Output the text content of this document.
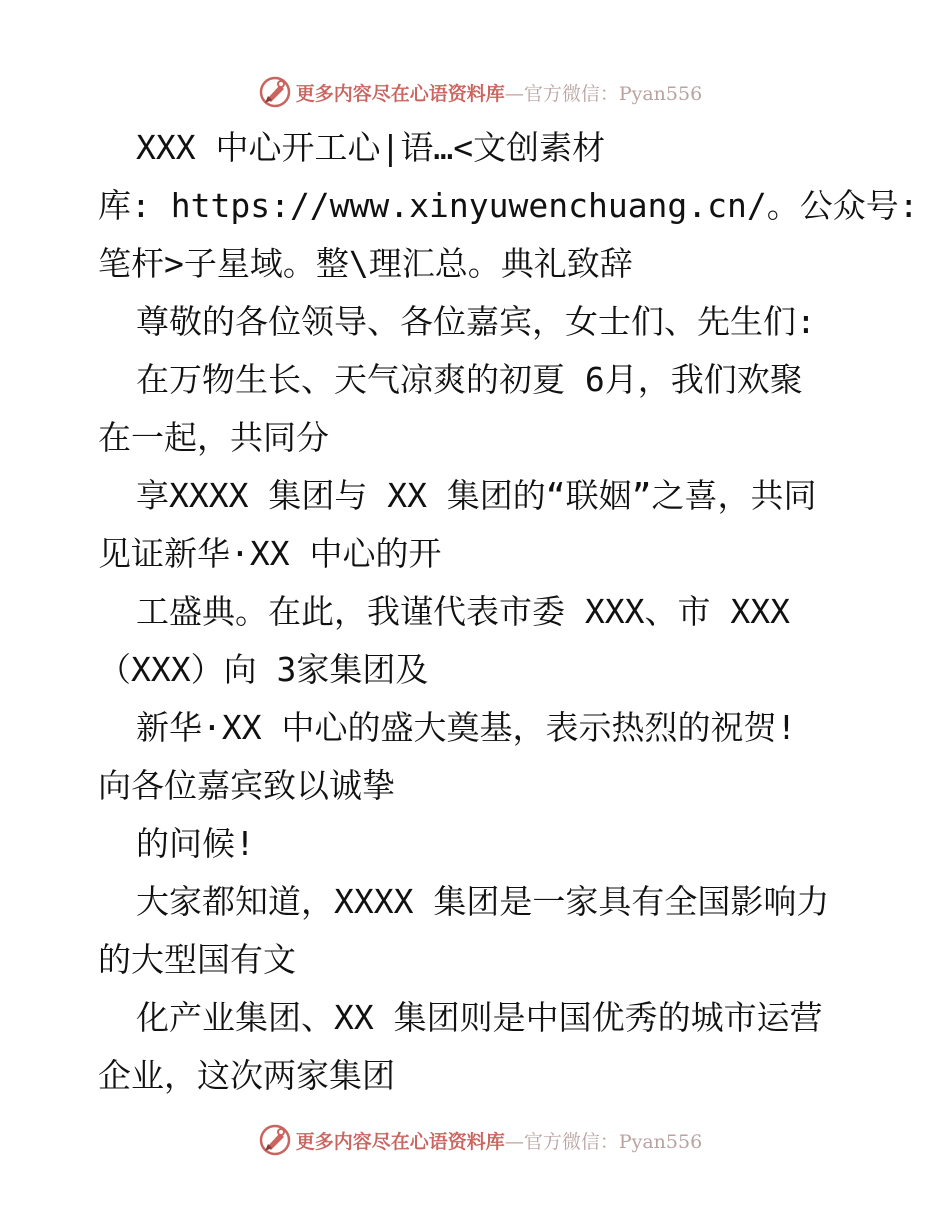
更多内容尽在心语资料库—官方微信：Pyan556
XXX 中心开工心|语…<文创素材
库: https://www.xinyuwenchuang.cn/。公众号:
笔杆>子星域。整\理汇总。典礼致辞
尊敬的各位领导、各位嘉宾，女士们、先生们:
在万物生长、天气凉爽的初夏 6月，我们欢聚
在一起，共同分
享XXXX 集团与 XX 集团的“联姻”之喜，共同
见证新华·XX 中心的开
工盛典。在此，我谨代表市委 XXX、市 XXX
（XXX）向 3家集团及
新华·XX 中心的盛大奠基，表示热烈的祝贺!
向各位嘉宾致以诚挚
的问候!
大家都知道，XXXX 集团是一家具有全国影响力
的大型国有文
化产业集团、XX 集团则是中国优秀的城市运营
企业，这次两家集团
更多内容尽在心语资料库—官方微信：Pyan556
